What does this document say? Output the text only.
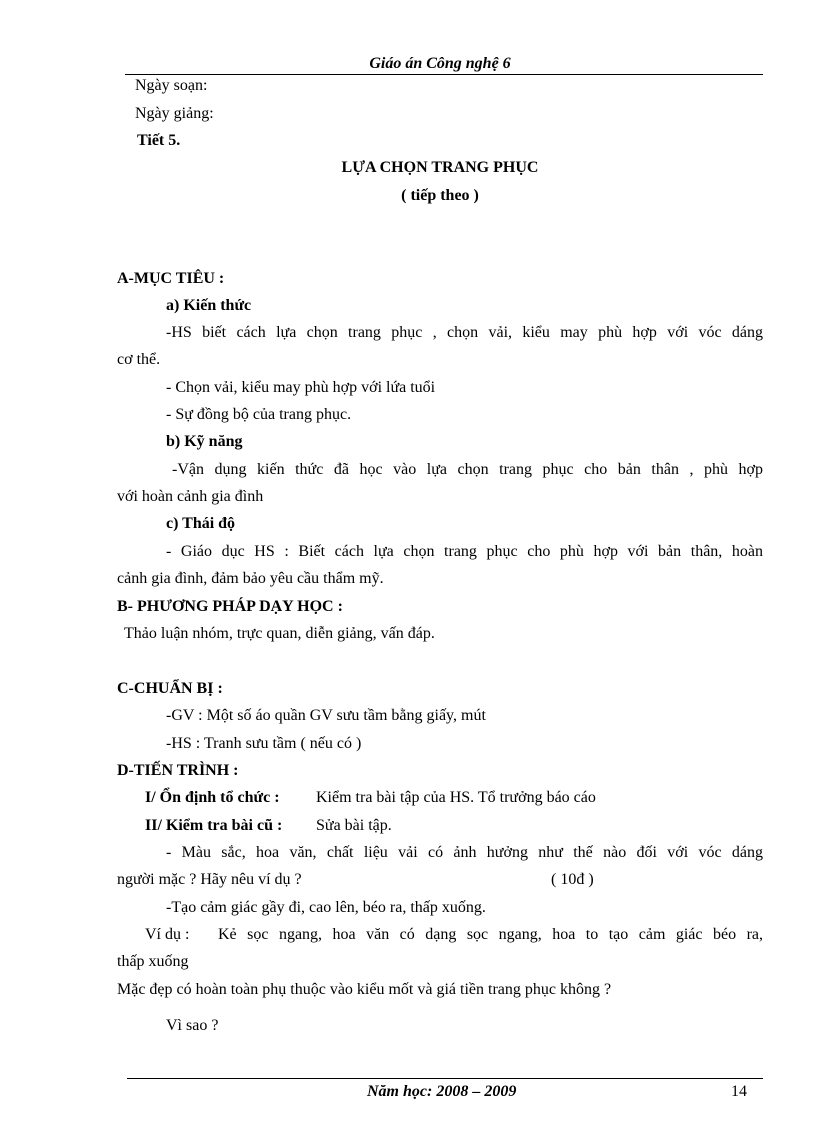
Giáo án Công nghệ 6
Ngày soạn:
Ngày giảng:
Tiết 5.
LỰA CHỌN TRANG PHỤC
( tiếp theo )
A-MỤC TIÊU :
a) Kiến thức
-HS biết cách lựa chọn trang phục , chọn vải, kiểu may phù hợp với vóc dáng
cơ thể.
- Chọn vải, kiểu may phù hợp với lứa tuổi
- Sự đồng bộ của trang phục.
b) Kỹ năng
-Vận dụng kiến thức đã học vào lựa chọn trang phục cho bản thân , phù hợp
với hoàn cảnh gia đình
c) Thái độ
- Giáo dục HS : Biết cách lựa chọn trang phục cho phù hợp với bản thân, hoàn
cảnh gia đình, đảm bảo yêu cầu thẩm mỹ.
B- PHƯƠNG PHÁP DẠY HỌC :
Thảo luận nhóm, trực quan, diễn giảng, vấn đáp.
C-CHUẨN BỊ :
-GV : Một số áo quần GV sưu tầm bằng giấy, mút
-HS : Tranh sưu tầm ( nếu có )
D-TIẾN TRÌNH :
I/ Ổn định tổ chức : Kiểm tra bài tập của HS. Tổ trưởng báo cáo
II/ Kiểm tra bài cũ : Sửa bài tập.
- Màu sắc, hoa văn, chất liệu vải có ảnh hưởng như thế nào đối với vóc dáng
người mặc ? Hãy nêu ví dụ ?	( 10đ )
-Tạo cảm giác gầy đi, cao lên, béo ra, thấp xuống.
Ví dụ : Kẻ sọc ngang, hoa văn có dạng sọc ngang, hoa to tạo cảm giác béo ra,
thấp xuống
Mặc đẹp có hoàn toàn phụ thuộc vào kiểu mốt và giá tiền trang phục không ?
Vì sao ?
Năm học: 2008 – 2009	14
